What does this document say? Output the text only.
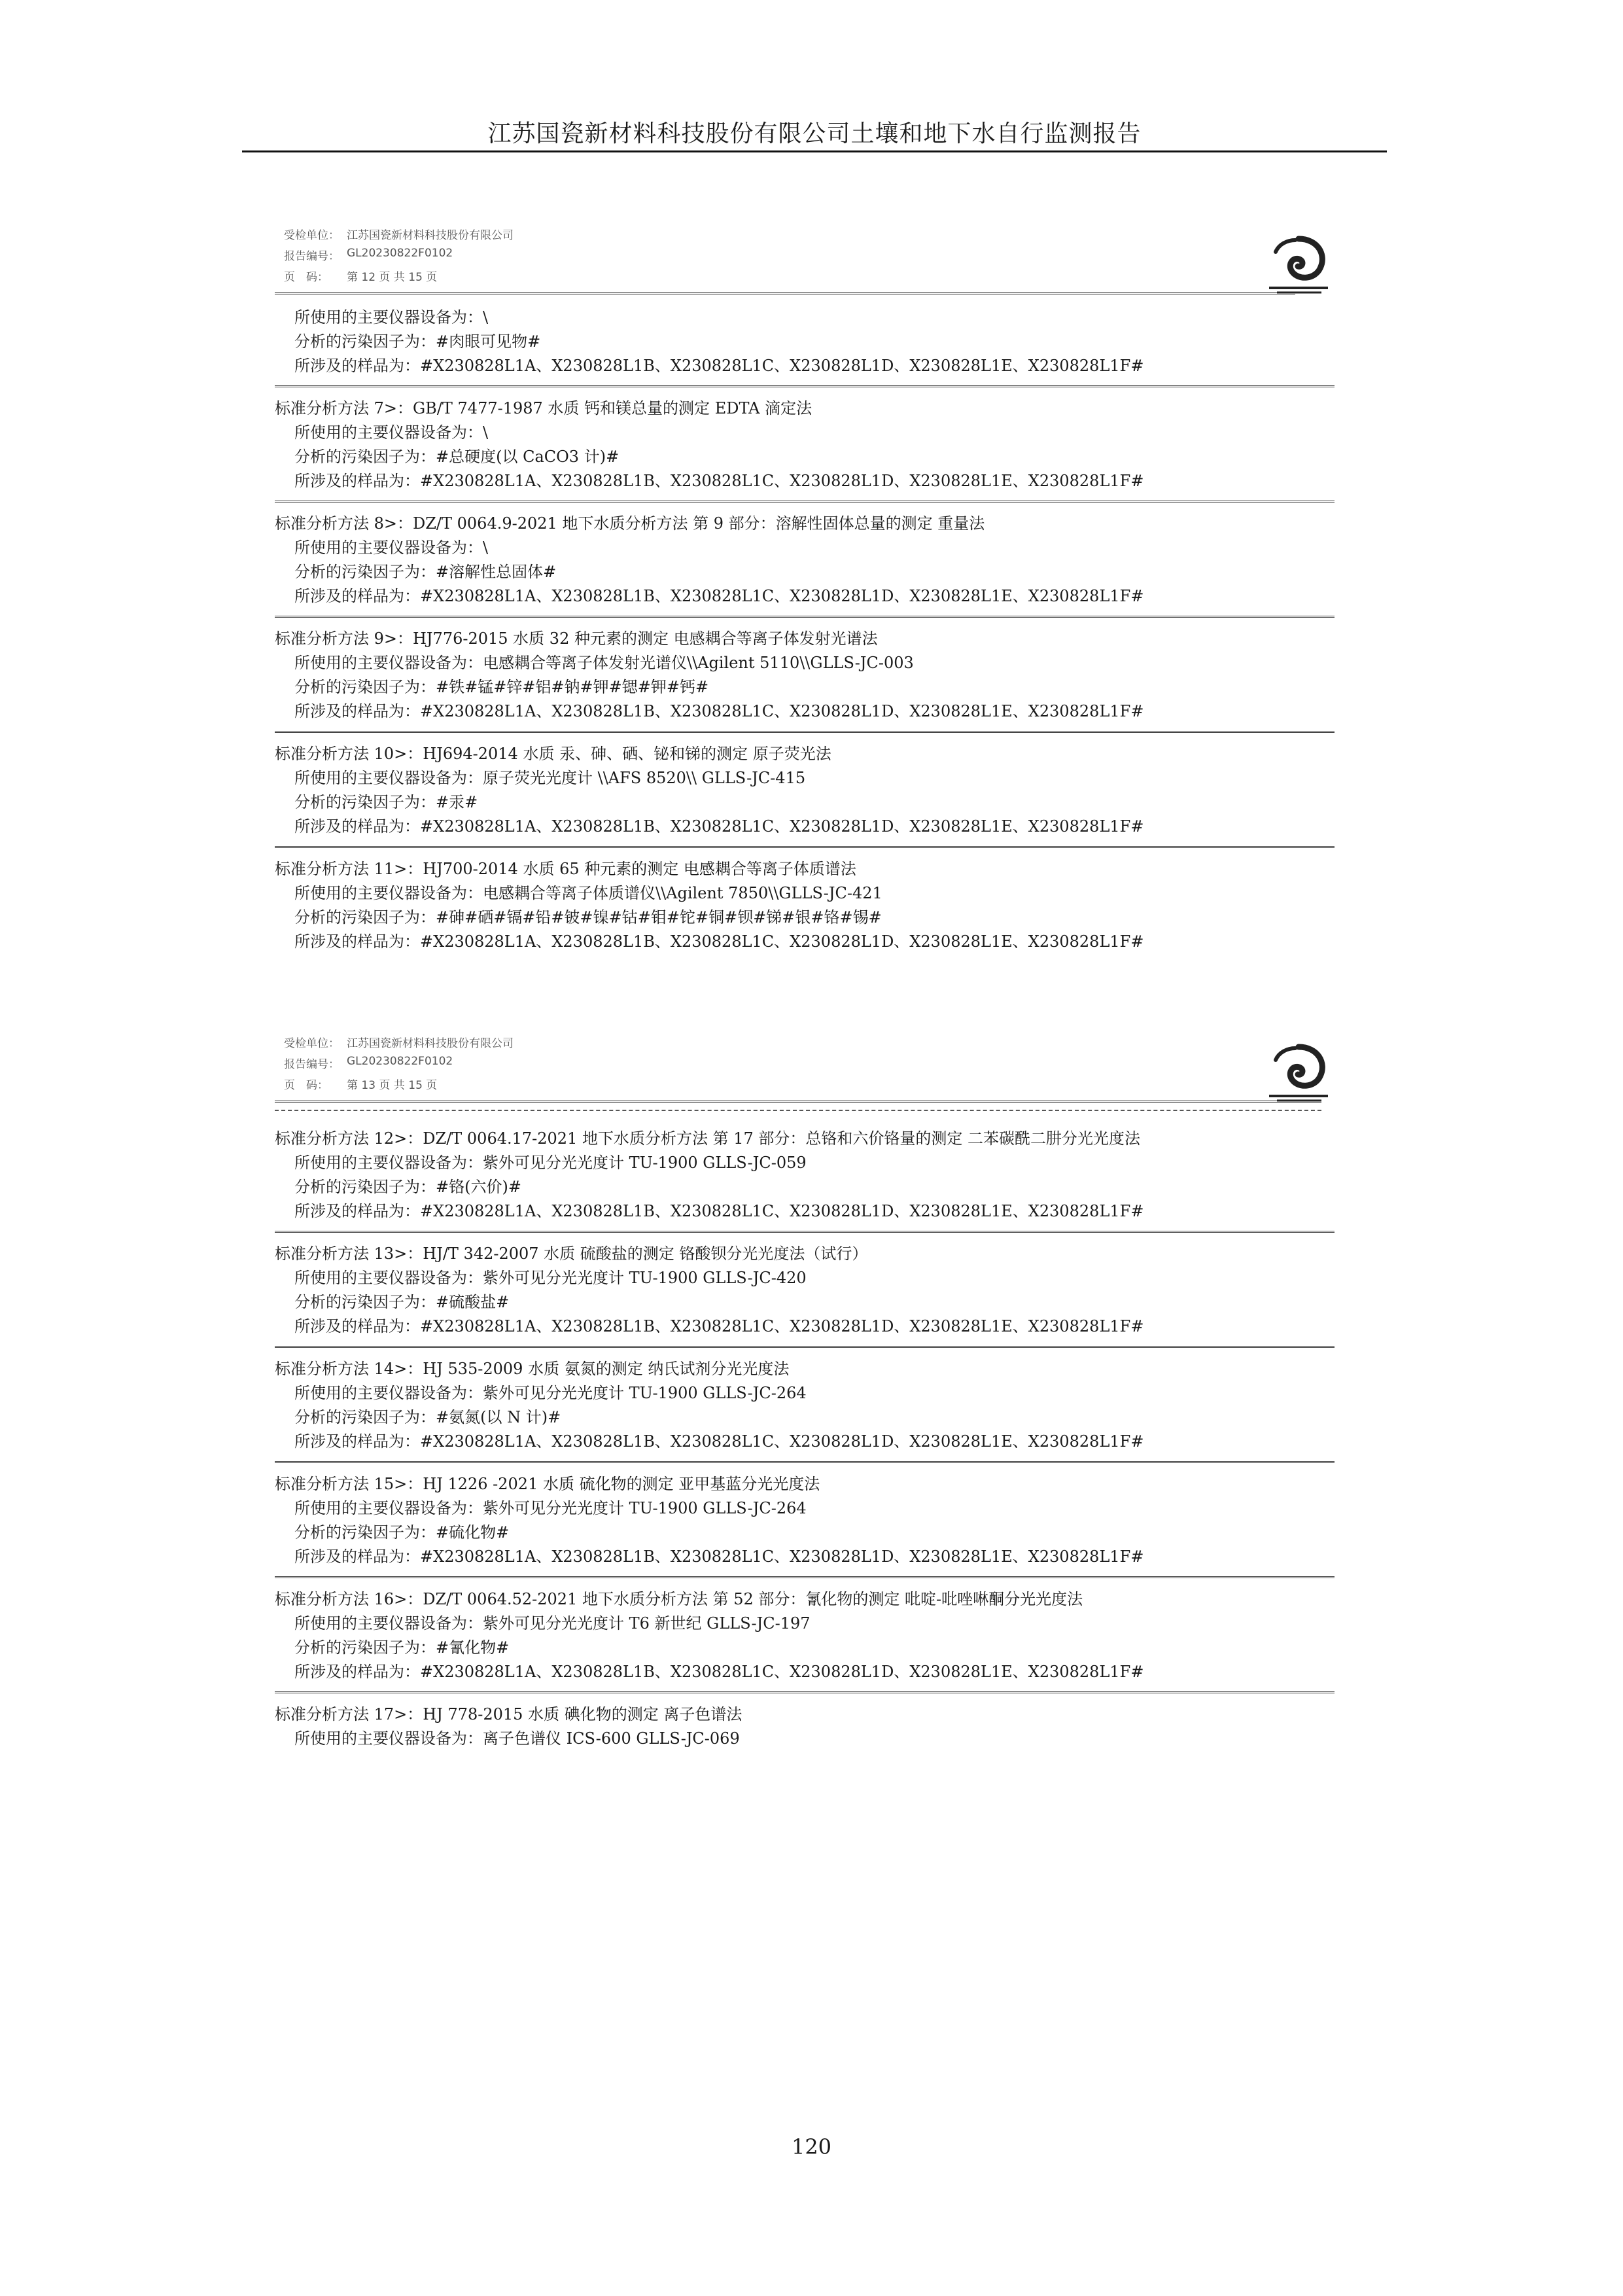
江苏国瓷新材料科技股份有限公司土壤和地下水自行监测报告
受检单位： 江苏国瓷新材料科技股份有限公司
报告编号： GL20230822F0102
页　码： 第 12 页 共 15 页
所使用的主要仪器设备为：\
分析的污染因子为：#肉眼可见物#
所涉及的样品为：#X230828L1A、X230828L1B、X230828L1C、X230828L1D、X230828L1E、X230828L1F#
标准分析方法 7>：GB/T 7477-1987 水质 钙和镁总量的测定 EDTA 滴定法
所使用的主要仪器设备为：\
分析的污染因子为：#总硬度(以 CaCO3 计)#
所涉及的样品为：#X230828L1A、X230828L1B、X230828L1C、X230828L1D、X230828L1E、X230828L1F#
标准分析方法 8>：DZ/T 0064.9-2021 地下水质分析方法 第 9 部分：溶解性固体总量的测定 重量法
所使用的主要仪器设备为：\
分析的污染因子为：#溶解性总固体#
所涉及的样品为：#X230828L1A、X230828L1B、X230828L1C、X230828L1D、X230828L1E、X230828L1F#
标准分析方法 9>：HJ776-2015 水质 32 种元素的测定 电感耦合等离子体发射光谱法
所使用的主要仪器设备为：电感耦合等离子体发射光谱仪\\Agilent 5110\\GLLS-JC-003
分析的污染因子为：#铁#锰#锌#铝#钠#钾#锶#钾#钙#
所涉及的样品为：#X230828L1A、X230828L1B、X230828L1C、X230828L1D、X230828L1E、X230828L1F#
标准分析方法 10>：HJ694-2014 水质 汞、砷、硒、铋和锑的测定 原子荧光法
所使用的主要仪器设备为：原子荧光光度计 \\AFS 8520\\ GLLS-JC-415
分析的污染因子为：#汞#
所涉及的样品为：#X230828L1A、X230828L1B、X230828L1C、X230828L1D、X230828L1E、X230828L1F#
标准分析方法 11>：HJ700-2014 水质 65 种元素的测定 电感耦合等离子体质谱法
所使用的主要仪器设备为：电感耦合等离子体质谱仪\\Agilent 7850\\GLLS-JC-421
分析的污染因子为：#砷#硒#镉#铅#铍#镍#钴#钼#铊#铜#钡#锑#银#铬#锡#
所涉及的样品为：#X230828L1A、X230828L1B、X230828L1C、X230828L1D、X230828L1E、X230828L1F#
受检单位： 江苏国瓷新材料科技股份有限公司
报告编号： GL20230822F0102
页　码： 第 13 页 共 15 页
标准分析方法 12>：DZ/T 0064.17-2021 地下水质分析方法 第 17 部分：总铬和六价铬量的测定 二苯碳酰二肼分光光度法
所使用的主要仪器设备为：紫外可见分光光度计 TU-1900 GLLS-JC-059
分析的污染因子为：#铬(六价)#
所涉及的样品为：#X230828L1A、X230828L1B、X230828L1C、X230828L1D、X230828L1E、X230828L1F#
标准分析方法 13>：HJ/T 342-2007 水质 硫酸盐的测定 铬酸钡分光光度法（试行）
所使用的主要仪器设备为：紫外可见分光光度计 TU-1900 GLLS-JC-420
分析的污染因子为：#硫酸盐#
所涉及的样品为：#X230828L1A、X230828L1B、X230828L1C、X230828L1D、X230828L1E、X230828L1F#
标准分析方法 14>：HJ 535-2009 水质 氨氮的测定 纳氏试剂分光光度法
所使用的主要仪器设备为：紫外可见分光光度计 TU-1900 GLLS-JC-264
分析的污染因子为：#氨氮(以 N 计)#
所涉及的样品为：#X230828L1A、X230828L1B、X230828L1C、X230828L1D、X230828L1E、X230828L1F#
标准分析方法 15>：HJ 1226 -2021 水质 硫化物的测定 亚甲基蓝分光光度法
所使用的主要仪器设备为：紫外可见分光光度计 TU-1900 GLLS-JC-264
分析的污染因子为：#硫化物#
所涉及的样品为：#X230828L1A、X230828L1B、X230828L1C、X230828L1D、X230828L1E、X230828L1F#
标准分析方法 16>：DZ/T 0064.52-2021 地下水质分析方法 第 52 部分：氰化物的测定 吡啶-吡唑啉酮分光光度法
所使用的主要仪器设备为：紫外可见分光光度计 T6 新世纪 GLLS-JC-197
分析的污染因子为：#氰化物#
所涉及的样品为：#X230828L1A、X230828L1B、X230828L1C、X230828L1D、X230828L1E、X230828L1F#
标准分析方法 17>：HJ 778-2015 水质 碘化物的测定 离子色谱法
所使用的主要仪器设备为：离子色谱仪 ICS-600 GLLS-JC-069
120
